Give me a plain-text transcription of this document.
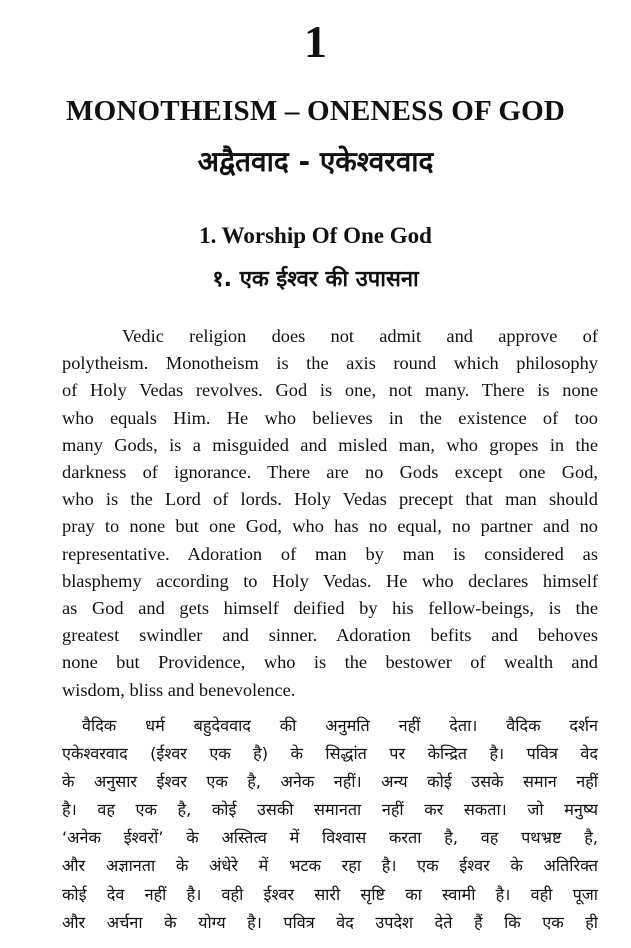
1
MONOTHEISM – ONENESS OF GOD
अद्वैतवाद - एकेश्वरवाद
1. Worship Of One God
१. एक ईश्वर की उपासना
Vedic religion does not admit and approve of
polytheism. Monotheism is the axis round which philosophy
of Holy Vedas revolves. God is one, not many. There is none
who equals Him. He who believes in the existence of too
many Gods, is a misguided and misled man, who gropes in the
darkness of ignorance. There are no Gods except one God,
who is the Lord of lords. Holy Vedas precept that man should
pray to none but one God, who has no equal, no partner and no
representative. Adoration of man by man is considered as
blasphemy according to Holy Vedas. He who declares himself
as God and gets himself deified by his fellow-beings, is the
greatest swindler and sinner. Adoration befits and behoves
none but Providence, who is the bestower of wealth and
wisdom, bliss and benevolence.
वैदिक धर्म बहुदेववाद की अनुमति नहीं देता। वैदिक दर्शन
एकेश्वरवाद (ईश्वर एक है) के सिद्धांत पर केन्द्रित है। पवित्र वेद
के अनुसार ईश्वर एक है, अनेक नहीं। अन्य कोई उसके समान नहीं
है। वह एक है, कोई उसकी समानता नहीं कर सकता। जो मनुष्य
‘अनेक ईश्वरों’ के अस्तित्व में विश्वास करता है, वह पथभ्रष्ट है,
और अज्ञानता के अंधेरे में भटक रहा है। एक ईश्वर के अतिरिक्त
कोई देव नहीं है। वही ईश्वर सारी सृष्टि का स्वामी है। वही पूजा
और अर्चना के योग्य है। पवित्र वेद उपदेश देते हैं कि एक ही
